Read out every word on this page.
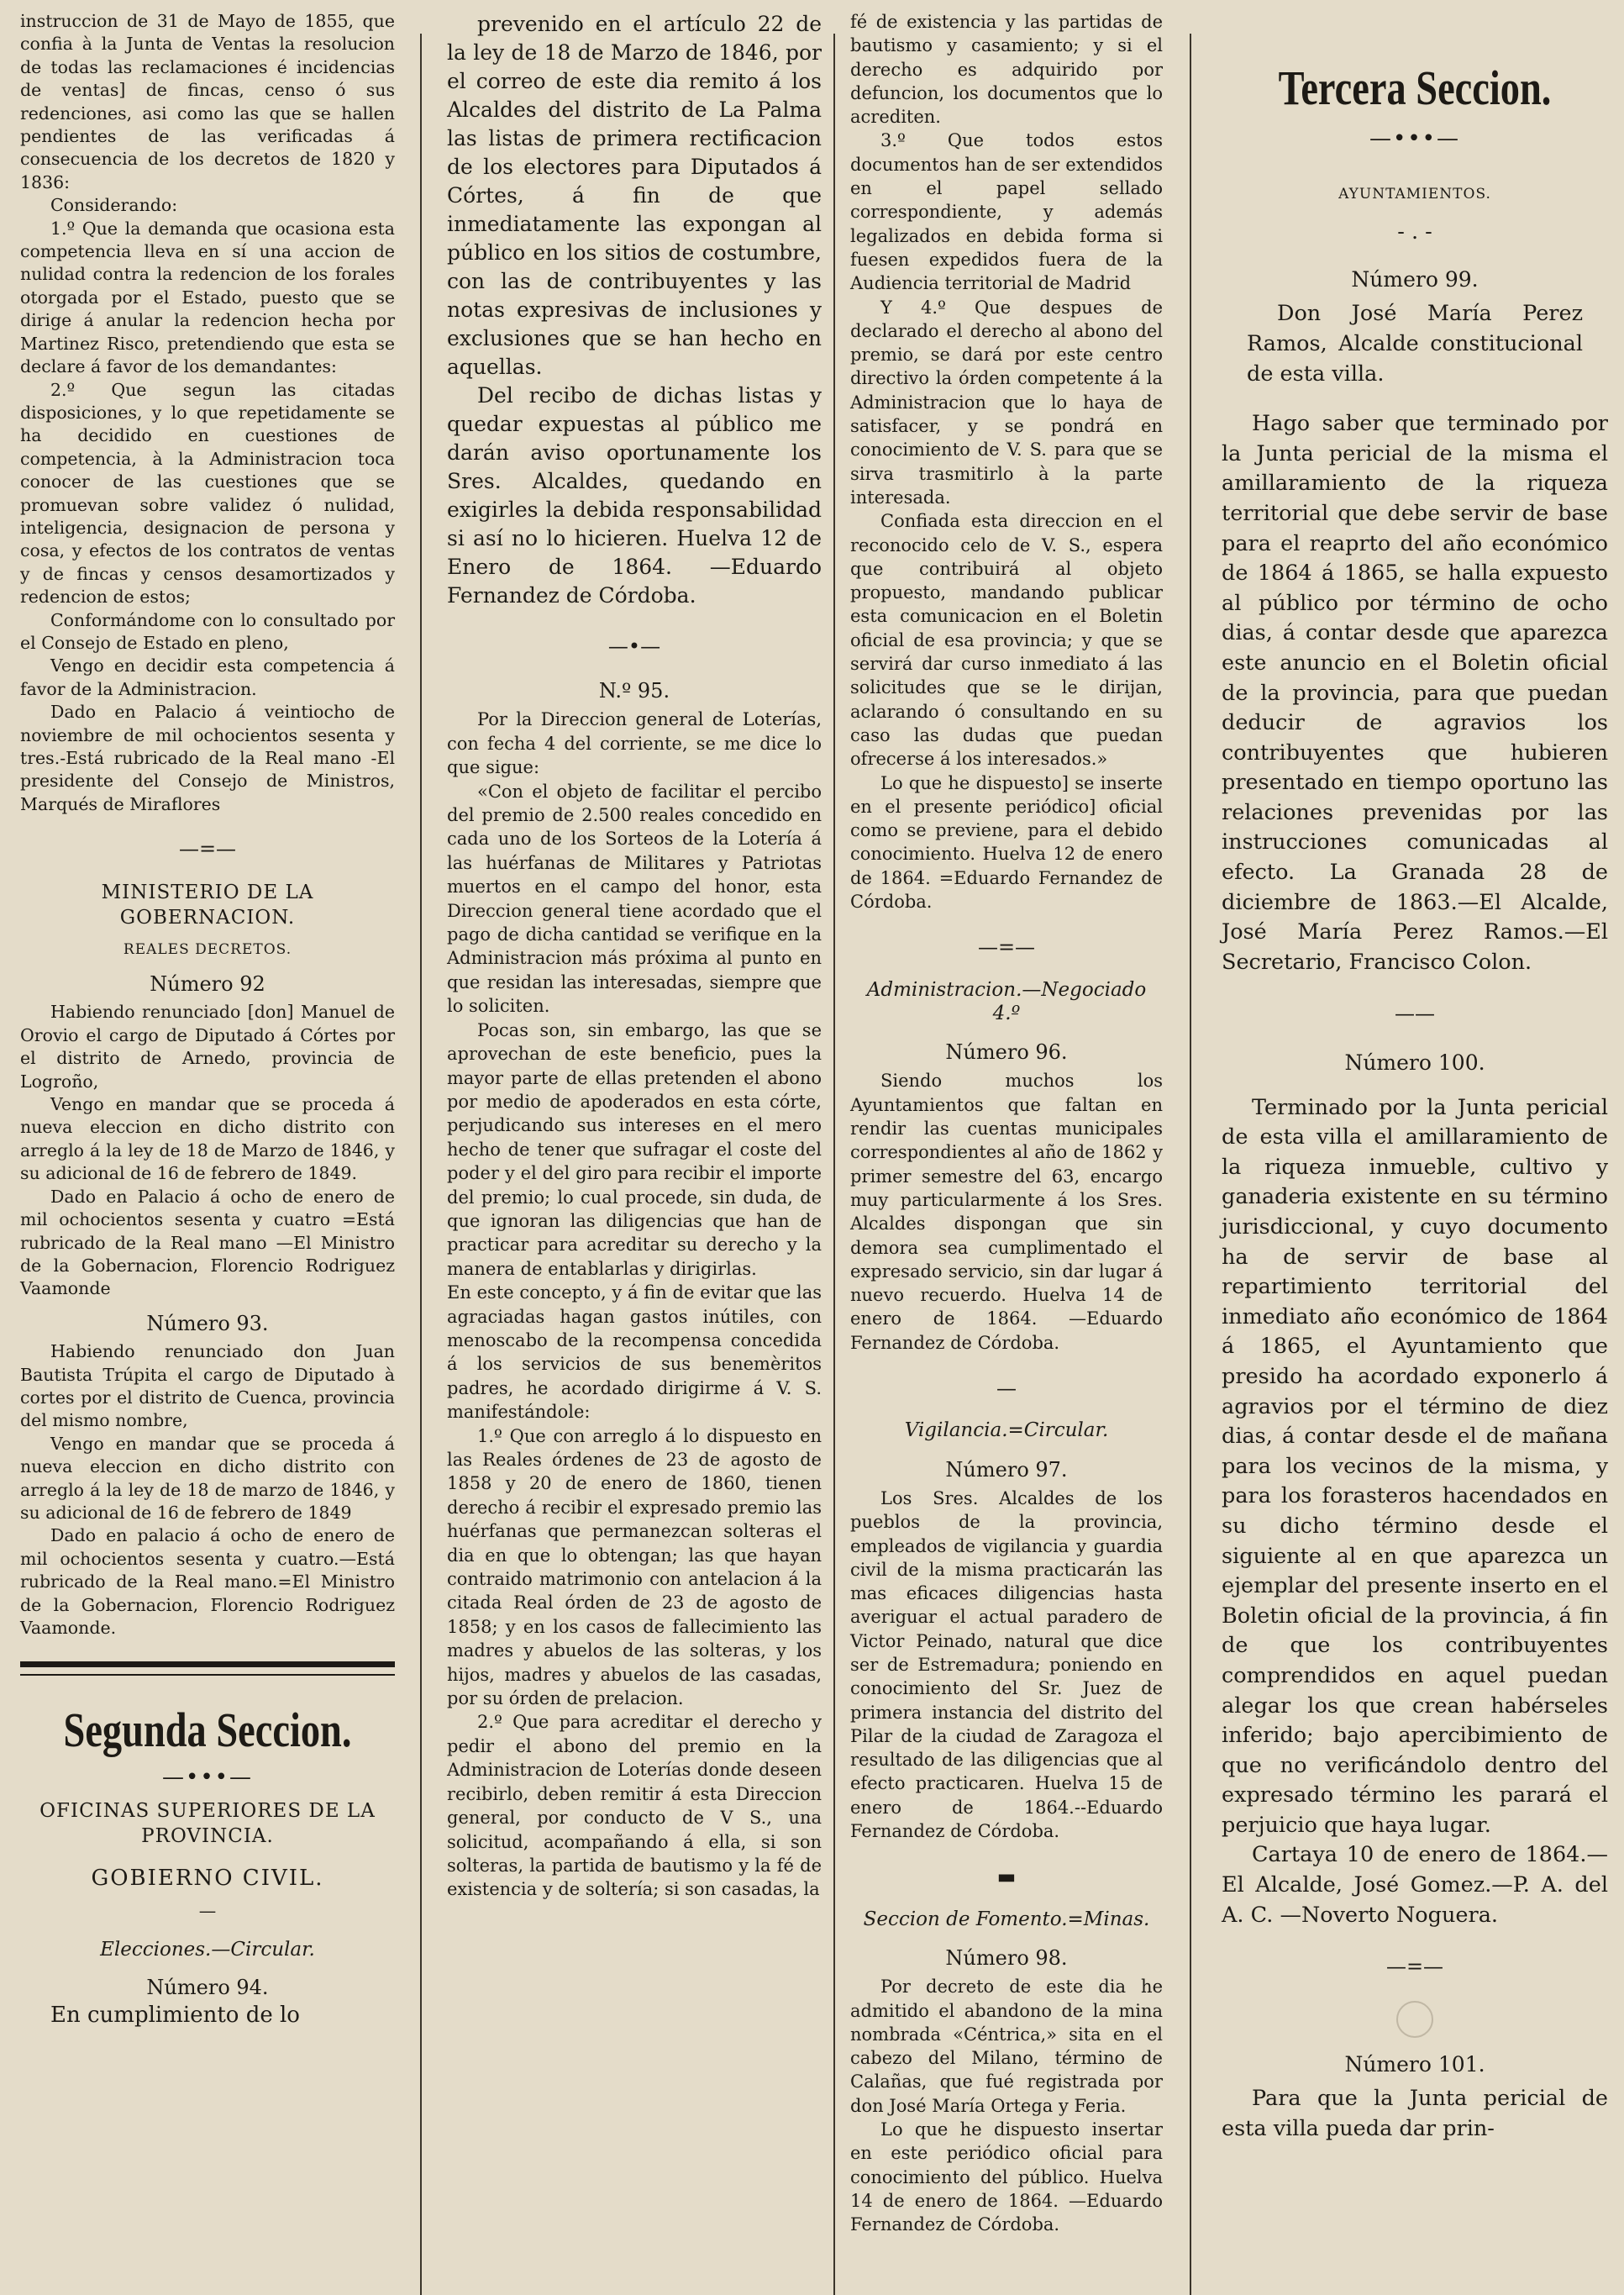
instruccion de 31 de Mayo de 1855, que confia à la Junta de Ventas la resolucion de todas las reclamaciones é incidencias de ventas] de fincas, censo ó sus redenciones, asi como las que se hallen pendientes de las verificadas á consecuencia de los decretos de 1820 y 1836:

Considerando:

1.º Que la demanda que ocasiona esta competencia lleva en sí una accion de nulidad contra la redencion de los forales otorgada por el Estado, puesto que se dirige á anular la redencion hecha por Martinez Risco, pretendiendo que esta se declare á favor de los demandantes:

2.º Que segun las citadas disposiciones, y lo que repetidamente se ha decidido en cuestiones de competencia, à la Administracion toca conocer de las cuestiones que se promuevan sobre validez ó nulidad, inteligencia, designacion de persona y cosa, y efectos de los contratos de ventas y de fincas y censos desamortizados y redencion de estos;

Conformándome con lo consultado por el Consejo de Estado en pleno,

Vengo en decidir esta competencia á favor de la Administracion.

Dado en Palacio á veintiocho de noviembre de mil ochocientos sesenta y tres.-Está rubricado de la Real mano -El presidente del Consejo de Ministros, Marqués de Miraflores

—=—
MINISTERIO DE LA GOBERNACION.
REALES DECRETOS.
Número 92

Habiendo renunciado [don] Manuel de Orovio el cargo de Diputado á Córtes por el distrito de Arnedo, provincia de Logroño,

Vengo en mandar que se proceda á nueva eleccion en dicho distrito con arreglo á la ley de 18 de Marzo de 1846, y su adicional de 16 de febrero de 1849.

Dado en Palacio á ocho de enero de mil ochocientos sesenta y cuatro =Está rubricado de la Real mano —El Ministro de la Gobernacion, Florencio Rodriguez Vaamonde

Número 93.

Habiendo renunciado don Juan Bautista Trúpita el cargo de Diputado à cortes por el distrito de Cuenca, provincia del mismo nombre,

Vengo en mandar que se proceda á nueva eleccion en dicho distrito con arreglo á la ley de 18 de marzo de 1846, y su adicional de 16 de febrero de 1849

Dado en palacio á ocho de enero de mil ochocientos sesenta y cuatro.—Está rubricado de la Real mano.=El Ministro de la Gobernacion, Florencio Rodriguez Vaamonde.

Segunda Seccion.
—•••—
OFICINAS SUPERIORES DE LA PROVINCIA.
GOBIERNO CIVIL.
—
Elecciones.—Circular.
Número 94.

En cumplimiento de lo

prevenido en el artículo 22 de la ley de 18 de Marzo de 1846, por el correo de este dia remito á los Alcaldes del distrito de La Palma las listas de primera rectificacion de los electores para Diputados á Córtes, á fin de que inmediatamente las expongan al público en los sitios de costumbre, con las de contribuyentes y las notas expresivas de inclusiones y exclusiones que se han hecho en aquellas.

Del recibo de dichas listas y quedar expuestas al público me darán aviso oportunamente los Sres. Alcaldes, quedando en exigirles la debida responsabilidad si así no lo hicieren. Huelva 12 de Enero de 1864. —Eduardo Fernandez de Córdoba.

—•—
N.º 95.

Por la Direccion general de Loterías, con fecha 4 del corriente, se me dice lo que sigue:

«Con el objeto de facilitar el percibo del premio de 2.500 reales concedido en cada uno de los Sorteos de la Lotería á las huérfanas de Militares y Patriotas muertos en el campo del honor, esta Direccion general tiene acordado que el pago de dicha cantidad se verifique en la Administracion más próxima al punto en que residan las interesadas, siempre que lo soliciten.

Pocas son, sin embargo, las que se aprovechan de este beneficio, pues la mayor parte de ellas pretenden el abono por medio de apoderados en esta córte, perjudicando sus intereses en el mero hecho de tener que sufragar el coste del poder y el del giro para recibir el importe del premio; lo cual procede, sin duda, de que ignoran las diligencias que han de practicar para acreditar su derecho y la manera de entablarlas y dirigirlas.

En este concepto, y á fin de evitar que las agraciadas hagan gastos inútiles, con menoscabo de la recompensa concedida á los servicios de sus benemèritos padres, he acordado dirigirme á V. S. manifestándole:

1.º Que con arreglo á lo dispuesto en las Reales órdenes de 23 de agosto de 1858 y 20 de enero de 1860, tienen derecho á recibir el expresado premio las huérfanas que permanezcan solteras el dia en que lo obtengan; las que hayan contraido matrimonio con antelacion á la citada Real órden de 23 de agosto de 1858; y en los casos de fallecimiento las madres y abuelos de las solteras, y los hijos, madres y abuelos de las casadas, por su órden de prelacion.

2.º Que para acreditar el derecho y pedir el abono del premio en la Administracion de Loterías donde deseen recibirlo, deben remitir á esta Direccion general, por conducto de V S., una solicitud, acompañando á ella, si son solteras, la partida de bautismo y la fé de existencia y de soltería; si son casadas, la

fé de existencia y las partidas de bautismo y casamiento; y si el derecho es adquirido por defuncion, los documentos que lo acrediten.

3.º Que todos estos documentos han de ser extendidos en el papel sellado correspondiente, y además legalizados en debida forma si fuesen expedidos fuera de la Audiencia territorial de Madrid

Y 4.º Que despues de declarado el derecho al abono del premio, se dará por este centro directivo la órden competente á la Administracion que lo haya de satisfacer, y se pondrá en conocimiento de V. S. para que se sirva trasmitirlo à la parte interesada.

Confiada esta direccion en el reconocido celo de V. S., espera que contribuirá al objeto propuesto, mandando publicar esta comunicacion en el Boletin oficial de esa provincia; y que se servirá dar curso inmediato á las solicitudes que se le dirijan, aclarando ó consultando en su caso las dudas que puedan ofrecerse á los interesados.»

Lo que he dispuesto] se inserte en el presente periódico] oficial como se previene, para el debido conocimiento. Huelva 12 de enero de 1864. =Eduardo Fernandez de Córdoba.

—=—
Administracion.—Negociado 4.º
Número 96.

Siendo muchos los Ayuntamientos que faltan en rendir las cuentas municipales correspondientes al año de 1862 y primer semestre del 63, encargo muy particularmente á los Sres. Alcaldes dispongan que sin demora sea cumplimentado el expresado servicio, sin dar lugar á nuevo recuerdo. Huelva 14 de enero de 1864. —Eduardo Fernandez de Córdoba.

—
Vigilancia.=Circular.
Número 97.

Los Sres. Alcaldes de los pueblos de la provincia, empleados de vigilancia y guardia civil de la misma practicarán las mas eficaces diligencias hasta averiguar el actual paradero de Victor Peinado, natural que dice ser de Estremadura; poniendo en conocimiento del Sr. Juez de primera instancia del distrito del Pilar de la ciudad de Zaragoza el resultado de las diligencias que al efecto practicaren. Huelva 15 de enero de 1864.--Eduardo Fernandez de Córdoba.

▬
Seccion de Fomento.=Minas.
Número 98.

Por decreto de este dia he admitido el abandono de la mina nombrada «Céntrica,» sita en el cabezo del Milano, término de Calañas, que fué registrada por don José María Ortega y Feria.

Lo que he dispuesto insertar en este periódico oficial para conocimiento del público. Huelva 14 de enero de 1864. —Eduardo Fernandez de Córdoba.

Tercera Seccion.
—•••—
AYUNTAMIENTOS.
- . -
Número 99.

Don José María Perez Ramos, Alcalde constitucional de esta villa.

Hago saber que terminado por la Junta pericial de la misma el amillaramiento de la riqueza territorial que debe servir de base para el reaprto del año económico de 1864 á 1865, se halla expuesto al público por término de ocho dias, á contar desde que aparezca este anuncio en el Boletin oficial de la provincia, para que puedan deducir de agravios los contribuyentes que hubieren presentado en tiempo oportuno las relaciones prevenidas por las instrucciones comunicadas al efecto. La Granada 28 de diciembre de 1863.—El Alcalde, José María Perez Ramos.—El Secretario, Francisco Colon.

——
Número 100.

Terminado por la Junta pericial de esta villa el amillaramiento de la riqueza inmueble, cultivo y ganaderia existente en su término jurisdiccional, y cuyo documento ha de servir de base al repartimiento territorial del inmediato año económico de 1864 á 1865, el Ayuntamiento que presido ha acordado exponerlo á agravios por el término de diez dias, á contar desde el de mañana para los vecinos de la misma, y para los forasteros hacendados en su dicho término desde el siguiente al en que aparezca un ejemplar del presente inserto en el Boletin oficial de la provincia, á fin de que los contribuyentes comprendidos en aquel puedan alegar los que crean habérseles inferido; bajo apercibimiento de que no verificándolo dentro del expresado término les parará el perjuicio que haya lugar.

Cartaya 10 de enero de 1864.—El Alcalde, José Gomez.—P. A. del A. C. —Noverto Noguera.

—=—
Número 101.

Para que la Junta pericial de esta villa pueda dar prin-
